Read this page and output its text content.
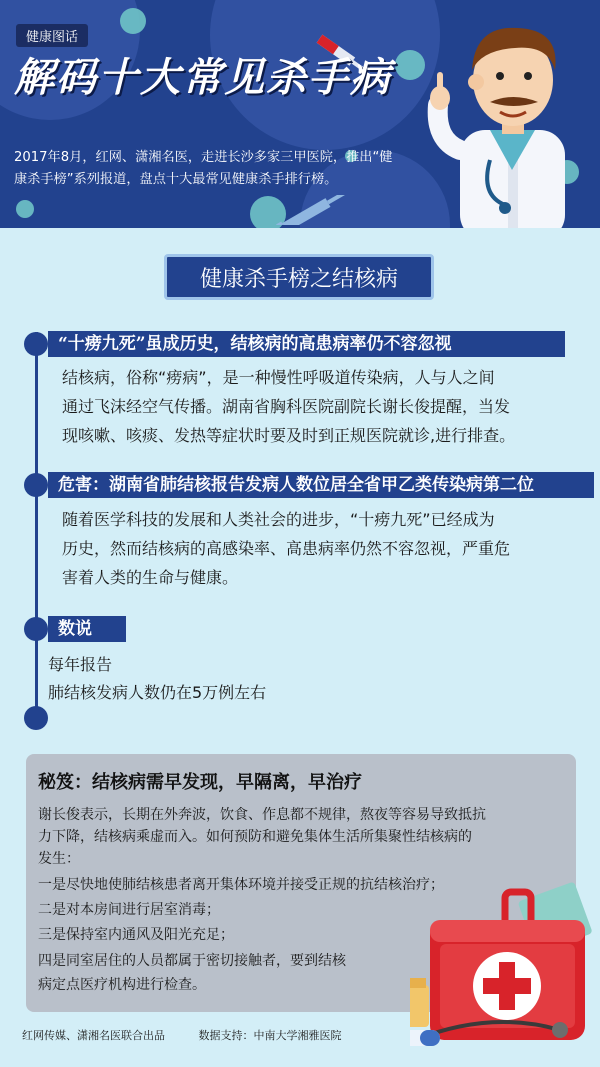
健康图话
解码十大常见杀手病
2017年8月，红网、潇湘名医，走进长沙多家三甲医院，推出“健康杀手榜”系列报道，盘点十大最常见健康杀手排行榜。
健康杀手榜之结核病
“十痨九死”虽成历史，结核病的高患病率仍不容忽视
结核病，俗称“痨病”，是一种慢性呼吸道传染病，人与人之间
通过飞沫经空气传播。湖南省胸科医院副院长谢长俊提醒，当发
现咳嗽、咳痰、发热等症状时要及时到正规医院就诊,进行排查。
危害：湖南省肺结核报告发病人数位居全省甲乙类传染病第二位
随着医学科技的发展和人类社会的进步，“十痨九死”已经成为
历史，然而结核病的高感染率、高患病率仍然不容忽视，严重危
害着人类的生命与健康。
数说
每年报告
肺结核发病人数仍在5万例左右
秘笈：结核病需早发现，早隔离，早治疗
谢长俊表示，长期在外奔波，饮食、作息都不规律，熬夜等容易导致抵抗
力下降，结核病乘虚而入。如何预防和避免集体生活所集聚性结核病的
发生：
一是尽快地使肺结核患者离开集体环境并接受正规的抗结核治疗；
二是对本房间进行居室消毒；
三是保持室内通风及阳光充足；
四是同室居住的人员都属于密切接触者，要到结核
病定点医疗机构进行检查。
红网传媒、潇湘名医联合出品	数据支持：中南大学湘雅医院
